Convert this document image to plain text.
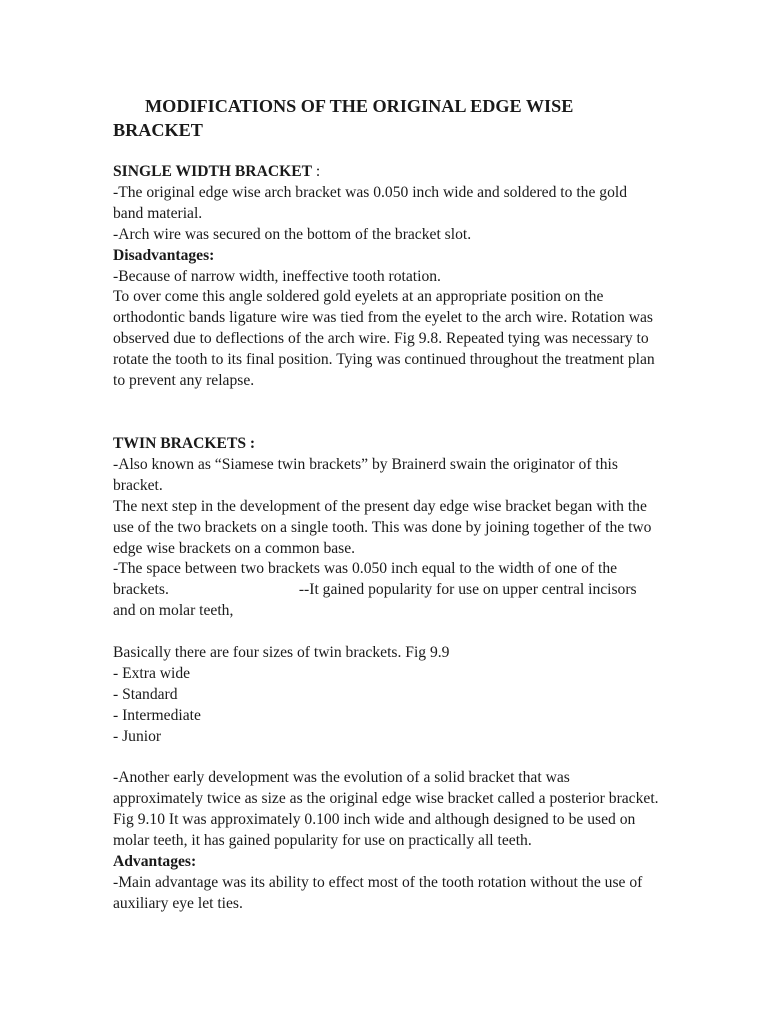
MODIFICATIONS OF THE ORIGINAL EDGE WISE BRACKET

SINGLE WIDTH BRACKET :

-The original edge wise arch bracket was 0.050 inch wide and soldered to the gold band material.

-Arch wire was secured on the bottom of the bracket slot.

Disadvantages:

-Because of narrow width, ineffective tooth rotation.

To over come this angle soldered gold eyelets at an appropriate position on the orthodontic bands ligature wire was tied from the eyelet to the arch wire. Rotation was observed due to deflections of the arch wire. Fig 9.8. Repeated tying was necessary to rotate the tooth to its final position. Tying was continued throughout the treatment plan to prevent any relapse.

TWIN BRACKETS :

-Also known as “Siamese twin brackets” by Brainerd swain the originator of this bracket.

The next step in the development of the present day edge wise bracket began with the use of the two brackets on a single tooth. This was done by joining together of the two edge wise brackets on a common base.

-The space between two brackets was 0.050 inch equal to the width of one of the brackets.	--It gained popularity for use on upper central incisors and on molar teeth,

Basically there are four sizes of twin brackets. Fig 9.9

- Extra wide

- Standard

- Intermediate

- Junior

-Another early development was the evolution of a solid bracket that was approximately twice as size as the original edge wise bracket called a posterior bracket. Fig 9.10 It was approximately 0.100 inch wide and although designed to be used on molar teeth, it has gained popularity for use on practically all teeth.

Advantages:

-Main advantage was its ability to effect most of the tooth rotation without the use of auxiliary eye let ties.
